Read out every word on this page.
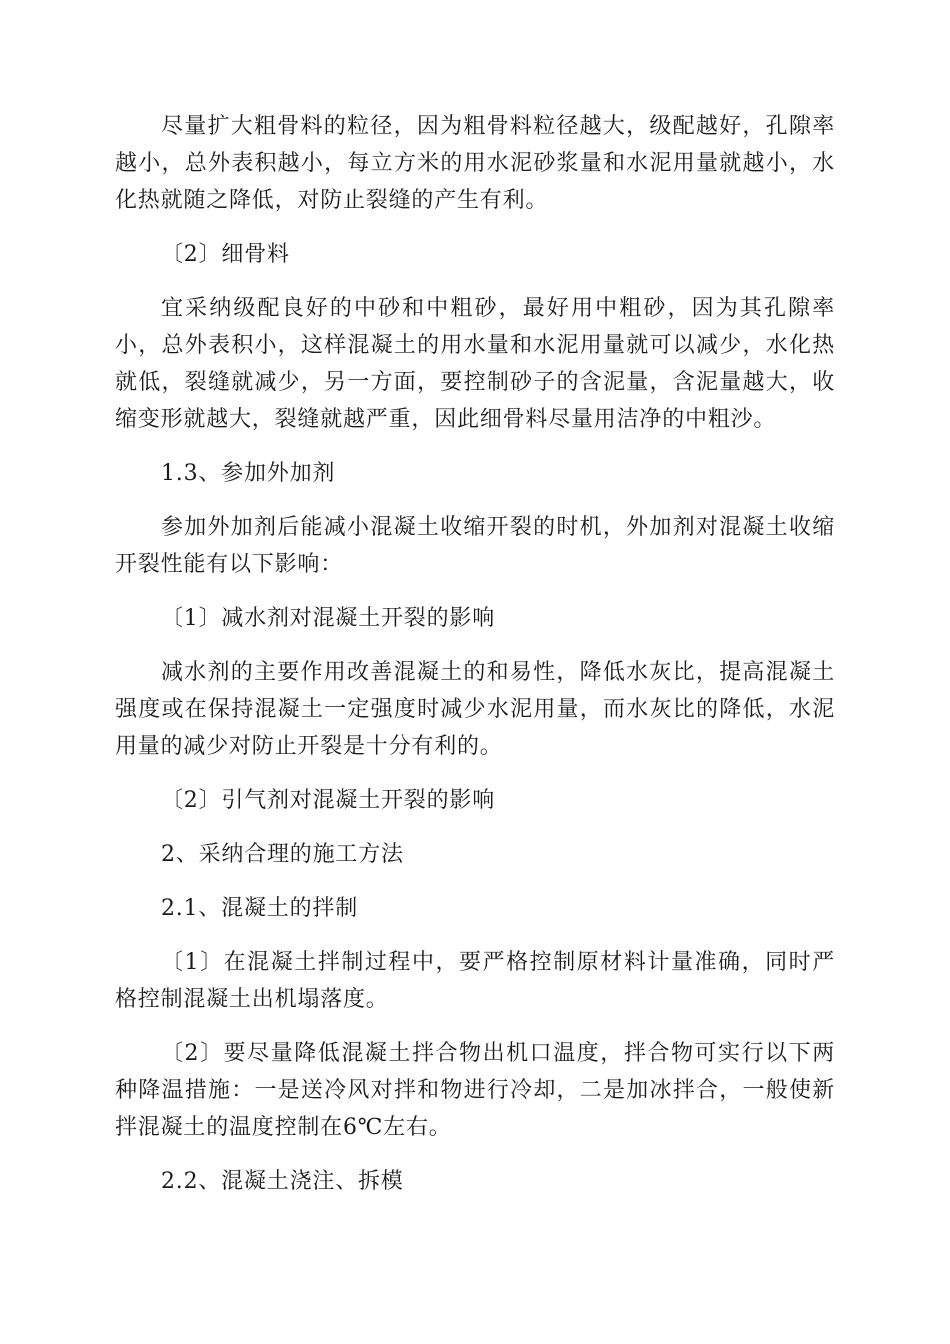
尽量扩大粗骨料的粒径，因为粗骨料粒径越大，级配越好，孔隙率越小，总外表积越小，每立方米的用水泥砂浆量和水泥用量就越小，水化热就随之降低，对防止裂缝的产生有利。

〔2〕细骨料

宜采纳级配良好的中砂和中粗砂，最好用中粗砂，因为其孔隙率小，总外表积小，这样混凝土的用水量和水泥用量就可以减少，水化热就低，裂缝就减少，另一方面，要控制砂子的含泥量，含泥量越大，收缩变形就越大，裂缝就越严重，因此细骨料尽量用洁净的中粗沙。

1.3、参加外加剂

参加外加剂后能减小混凝土收缩开裂的时机，外加剂对混凝土收缩开裂性能有以下影响：

〔1〕减水剂对混凝土开裂的影响

减水剂的主要作用改善混凝土的和易性，降低水灰比，提高混凝土强度或在保持混凝土一定强度时减少水泥用量，而水灰比的降低，水泥用量的减少对防止开裂是十分有利的。

〔2〕引气剂对混凝土开裂的影响

2、采纳合理的施工方法

2.1、混凝土的拌制

〔1〕在混凝土拌制过程中，要严格控制原材料计量准确，同时严格控制混凝土出机塌落度。

〔2〕要尽量降低混凝土拌合物出机口温度，拌合物可实行以下两种降温措施：一是送冷风对拌和物进行冷却，二是加冰拌合，一般使新拌混凝土的温度控制在6℃左右。

2.2、混凝土浇注、拆模
